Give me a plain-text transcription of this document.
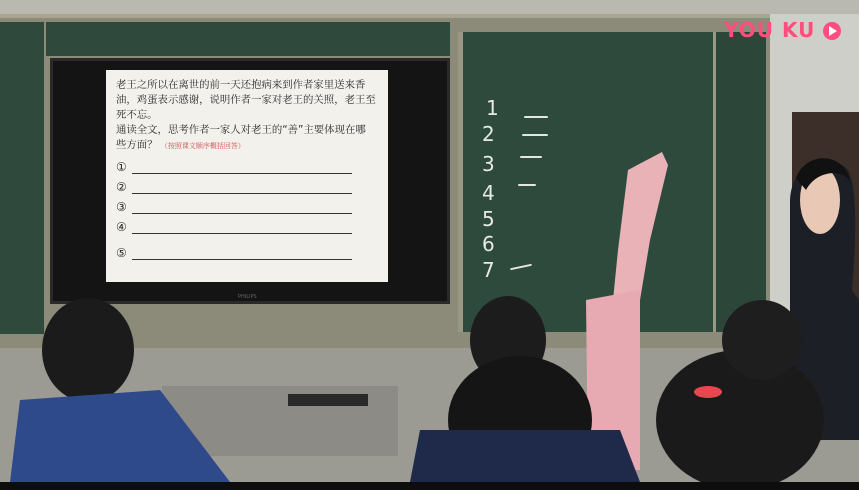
老王之所以在离世的前一天还抱病来到作者家里送来香油，鸡蛋表示感谢，说明作者一家对老王的关照，老王至死不忘。

通读全文，思考作者一家人对老王的“善”主要体现在哪些方面？ （按照课文顺序概括回答）

①
②
③
④
⑤
PHILIPS
1
2
3
4
5
6
7
YOU KU
